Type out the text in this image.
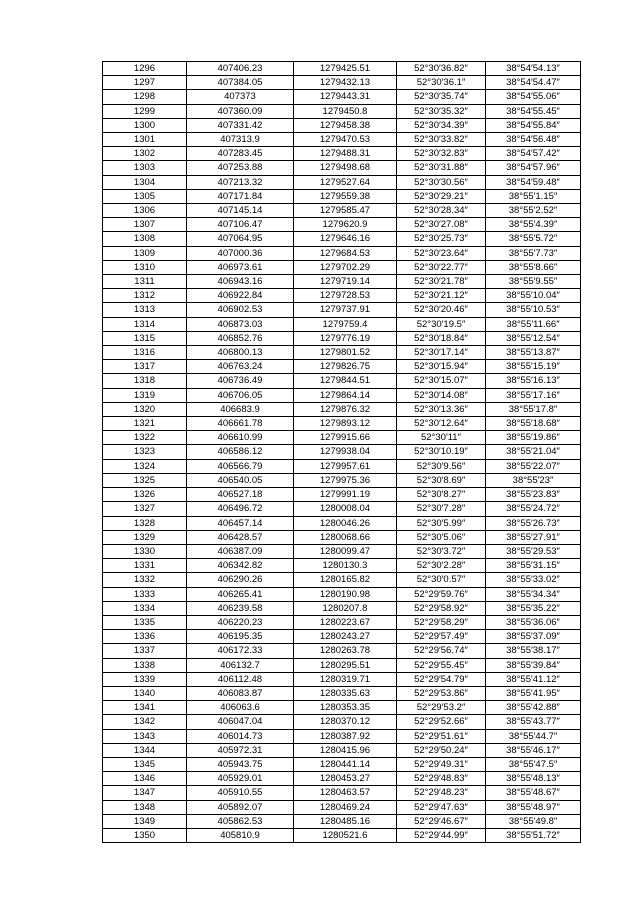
1296	407406.23	1279425.51	52°30′36.82″	38°54′54.13″
1297	407384.05	1279432.13	52°30′36.1″	38°54′54.47″
1298	407373	1279443.31	52°30′35.74″	38°54′55.06″
1299	407360.09	1279450.8	52°30′35.32″	38°54′55.45″
1300	407331.42	1279458.38	52°30′34.39″	38°54′55.84″
1301	407313.9	1279470.53	52°30′33.82″	38°54′56.48″
1302	407283.45	1279488.31	52°30′32.83″	38°54′57.42″
1303	407253.88	1279498.68	52°30′31.88″	38°54′57.96″
1304	407213.32	1279527.64	52°30′30.56″	38°54′59.48″
1305	407171.84	1279559.38	52°30′29.21″	38°55′1.15″
1306	407145.14	1279585.47	52°30′28.34″	38°55′2.52″
1307	407106.47	1279620.9	52°30′27.08″	38°55′4.39″
1308	407064.95	1279646.16	52°30′25.73″	38°55′5.72″
1309	407000.36	1279684.53	52°30′23.64″	38°55′7.73″
1310	406973.61	1279702.29	52°30′22.77″	38°55′8.66″
1311	406943.16	1279719.14	52°30′21.78″	38°55′9.55″
1312	406922.84	1279728.53	52°30′21.12″	38°55′10.04″
1313	406902.53	1279737.91	52°30′20.46″	38°55′10.53″
1314	406873.03	1279759.4	52°30′19.5″	38°55′11.66″
1315	406852.76	1279776.19	52°30′18.84″	38°55′12.54″
1316	406800.13	1279801.52	52°30′17.14″	38°55′13.87″
1317	406763.24	1279826.75	52°30′15.94″	38°55′15.19″
1318	406736.49	1279844.51	52°30′15.07″	38°55′16.13″
1319	406706.05	1279864.14	52°30′14.08″	38°55′17.16″
1320	406683.9	1279876.32	52°30′13.36″	38°55′17.8″
1321	406661.78	1279893.12	52°30′12.64″	38°55′18.68″
1322	406610.99	1279915.66	52°30′11″	38°55′19.86″
1323	406586.12	1279938.04	52°30′10.19″	38°55′21.04″
1324	406566.79	1279957.61	52°30′9.56″	38°55′22.07″
1325	406540.05	1279975.36	52°30′8.69″	38°55′23″
1326	406527.18	1279991.19	52°30′8.27″	38°55′23.83″
1327	406496.72	1280008.04	52°30′7.28″	38°55′24.72″
1328	406457.14	1280046.26	52°30′5.99″	38°55′26.73″
1329	406428.57	1280068.66	52°30′5.06″	38°55′27.91″
1330	406387.09	1280099.47	52°30′3.72″	38°55′29.53″
1331	406342.82	1280130.3	52°30′2.28″	38°55′31.15″
1332	406290.26	1280165.82	52°30′0.57″	38°55′33.02″
1333	406265.41	1280190.98	52°29′59.76″	38°55′34.34″
1334	406239.58	1280207.8	52°29′58.92″	38°55′35.22″
1335	406220.23	1280223.67	52°29′58.29″	38°55′36.06″
1336	406195.35	1280243.27	52°29′57.49″	38°55′37.09″
1337	406172.33	1280263.78	52°29′56.74″	38°55′38.17″
1338	406132.7	1280295.51	52°29′55.45″	38°55′39.84″
1339	406112.48	1280319.71	52°29′54.79″	38°55′41.12″
1340	406083.87	1280335.63	52°29′53.86″	38°55′41.95″
1341	406063.6	1280353.35	52°29′53.2″	38°55′42.88″
1342	406047.04	1280370.12	52°29′52.66″	38°55′43.77″
1343	406014.73	1280387.92	52°29′51.61″	38°55′44.7″
1344	405972.31	1280415.96	52°29′50.24″	38°55′46.17″
1345	405943.75	1280441.14	52°29′49.31″	38°55′47.5″
1346	405929.01	1280453.27	52°29′48.83″	38°55′48.13″
1347	405910.55	1280463.57	52°29′48.23″	38°55′48.67″
1348	405892.07	1280469.24	52°29′47.63″	38°55′48.97″
1349	405862.53	1280485.16	52°29′46.67″	38°55′49.8″
1350	405810.9	1280521.6	52°29′44.99″	38°55′51.72″
